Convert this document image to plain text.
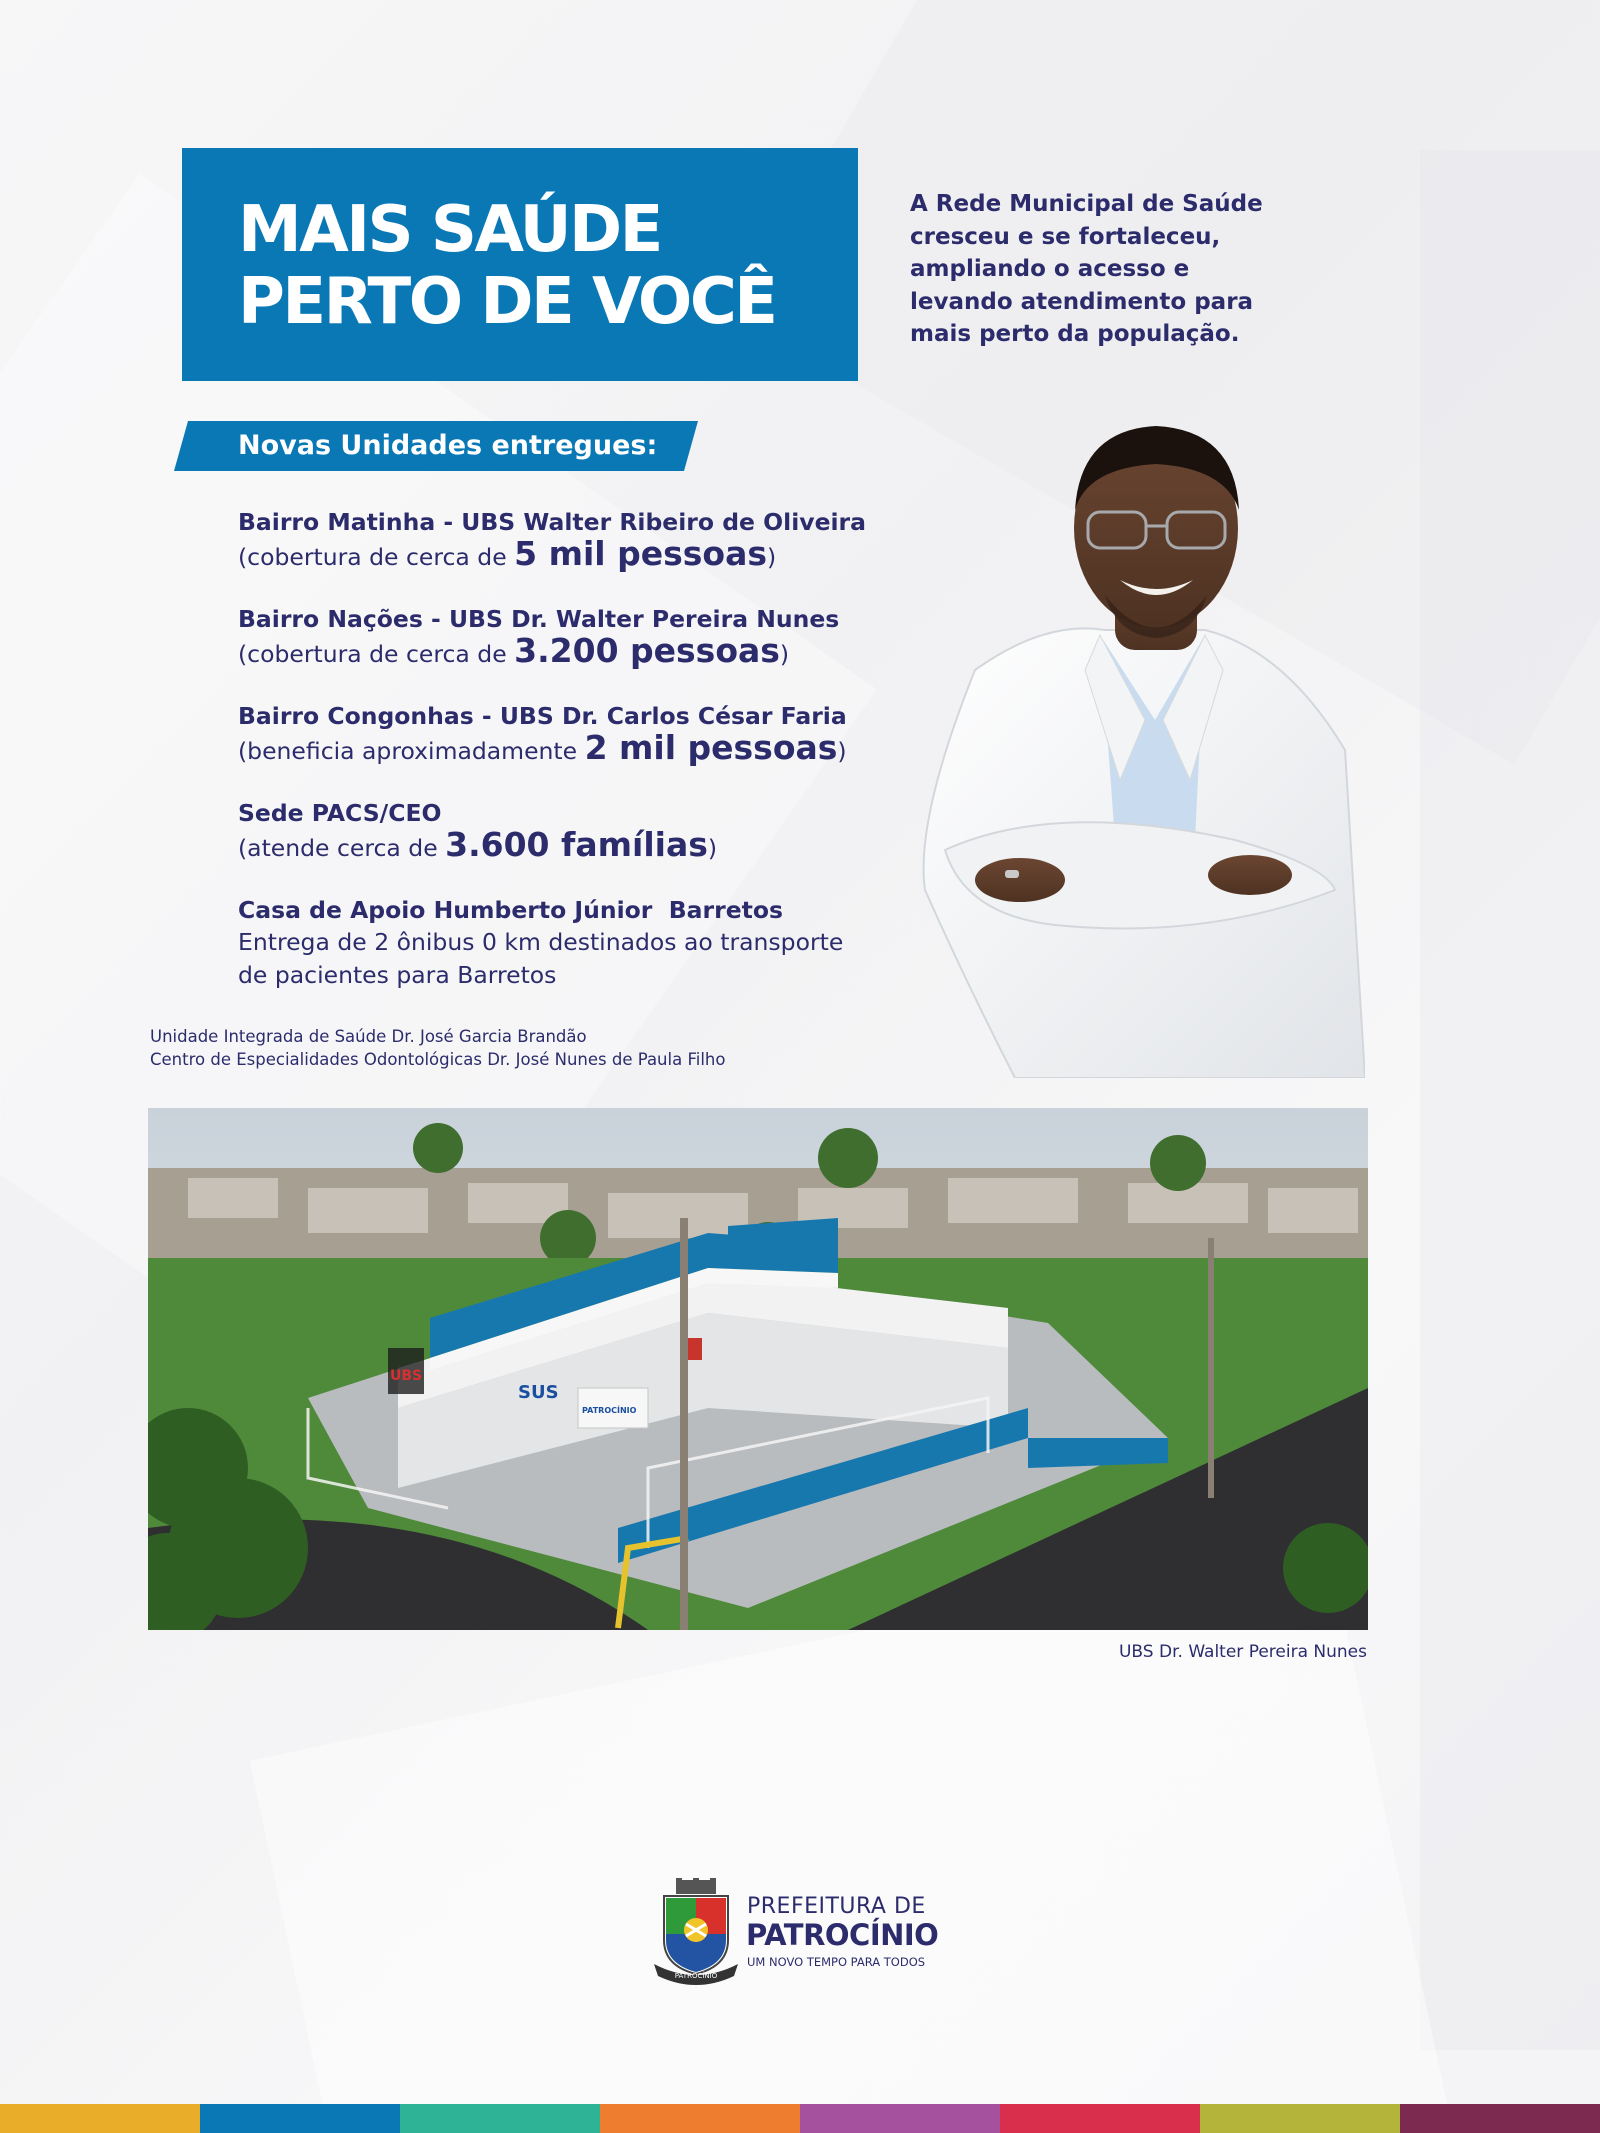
MAIS SAÚDE
PERTO DE VOCÊ
A Rede Municipal de Saúde
cresceu e se fortaleceu,
ampliando o acesso e
levando atendimento para
mais perto da população.
Novas Unidades entregues:
Bairro Matinha - UBS Walter Ribeiro de Oliveira
(cobertura de cerca de 5 mil pessoas)
Bairro Nações - UBS Dr. Walter Pereira Nunes
(cobertura de cerca de 3.200 pessoas)
Bairro Congonhas - UBS Dr. Carlos César Faria
(beneficia aproximadamente 2 mil pessoas)
Sede PACS/CEO
(atende cerca de 3.600 famílias)
Casa de Apoio Humberto Júnior  Barretos
Entrega de 2 ônibus 0 km destinados ao transporte de pacientes para Barretos
Unidade Integrada de Saúde Dr. José Garcia Brandão
Centro de Especialidades Odontológicas Dr. José Nunes de Paula Filho
UBS
SUS
PATROCÍNIO
UBS Dr. Walter Pereira Nunes
PATROCÍNIO
PREFEITURA DE
PATROCÍNIO
UM NOVO TEMPO PARA TODOS
